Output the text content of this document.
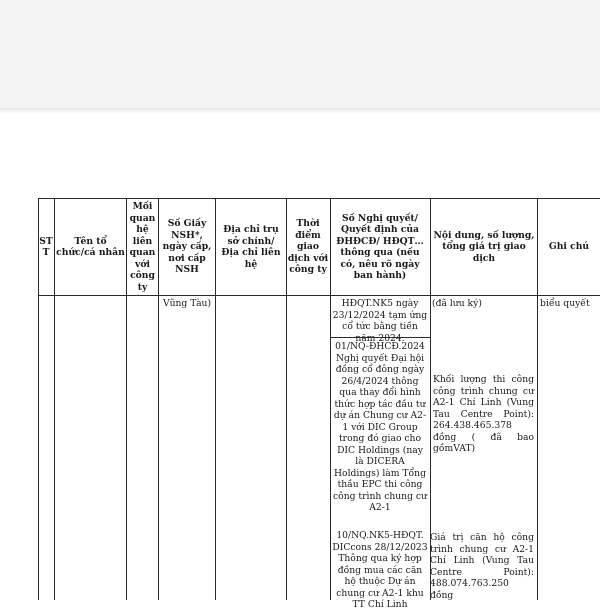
ST T
Tên tổ chức/cá nhân
Mối quan hệ liên quan với công ty
Số Giấy NSH*, ngày cấp, nơi cấp NSH
Địa chỉ trụ sở chính/ Địa chỉ liên hệ
Thời điểm giao dịch với công ty
Số Nghị quyết/ Quyết định của ĐHĐCĐ/ HĐQT… thông qua (nếu có, nêu rõ ngày ban hành)
Nội dung, số lượng, tổng giá trị giao dịch
Ghi chú
Vũng Tàu)	HĐQT.NK5 ngày 23/12/2024 tạm ứng cổ tức bằng tiền năm 2024.
(đã lưu ký)	biểu quyết
01/NQ-ĐHCĐ.2024 Nghị quyết Đại hội đồng cổ đông ngày 26/4/2024 thông qua thay đổi hình thức hợp tác đầu tư dự án Chung cư A2-1 với DIC Group trong đó giao cho DIC Holdings (nay là DICERA Holdings) làm Tổng thầu EPC thi công công trình chung cư A2-1
Khối lượng thi công công trình chung cư A2-1 Chí Linh (Vung Tau Centre Point): 264.438.465.378 đồng ( đã bao gồmVAT)
10/NQ.NK5-HĐQT. DICcons 28/12/2023 Thông qua ký hợp đồng mua các căn hộ thuộc Dự án chung cư A2-1 khu TT Chí Linh
Giá trị căn hộ công trình chung cư A2-1 Chí Linh (Vung Tau Centre Point): 488.074.763.250 đồng
